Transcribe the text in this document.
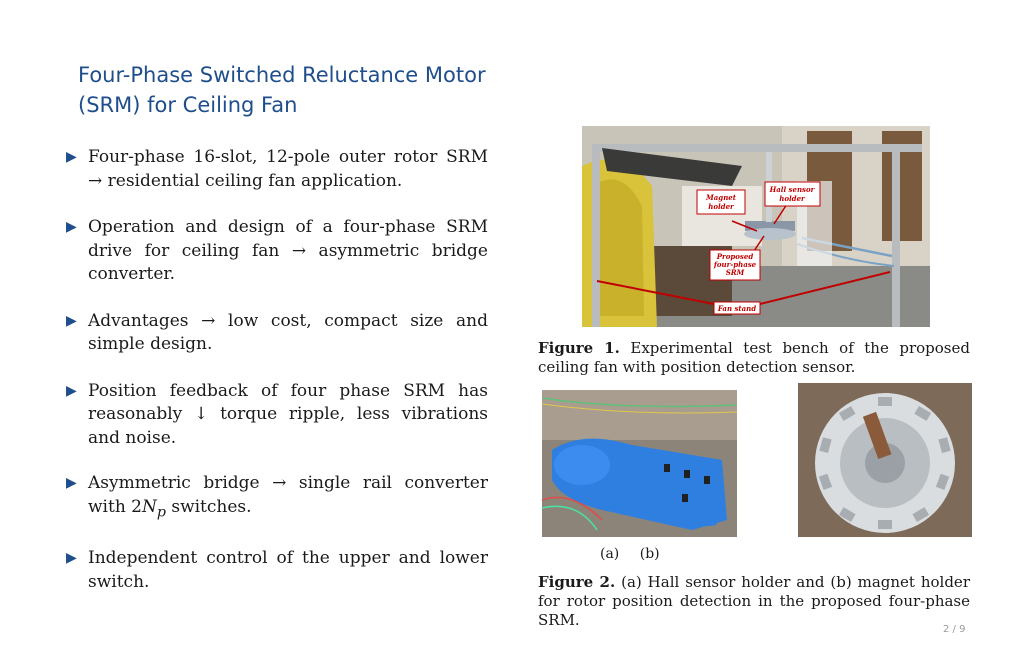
Four-Phase Switched Reluctance Motor (SRM) for Ceiling Fan
▶ Four-phase 16-slot, 12-pole outer rotor SRM → residential ceiling fan application.
▶ Operation and design of a four-phase SRM drive for ceiling fan → asymmetric bridge converter.
▶ Advantages → low cost, compact size and simple design.
▶ Position feedback of four phase SRM has reasonably ↓ torque ripple, less vibrations and noise.
▶ Asymmetric bridge → single rail converter with $2N_p$ switches.
▶ Independent control of the upper and lower switch.
Magnet
holder
Hall sensor
holder
Proposed
four-phase
SRM
Fan stand
Figure 1. Experimental test bench of the proposed ceiling fan with position detection sensor.
(a) (b)
Figure 2. (a) Hall sensor holder and (b) magnet holder for rotor position detection in the proposed four-phase SRM.
2 / 9
